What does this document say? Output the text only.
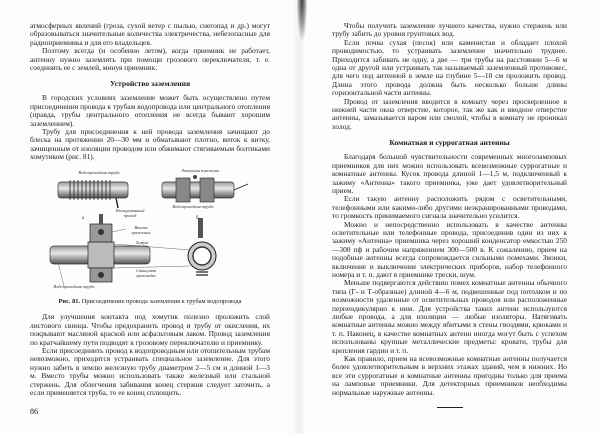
атмосферных явлений (гроза, сухой ветер с пылью, снегопад и др.) могут образовываться значительные количества электричества, небезопасные для радиоприемника и для его владельцев.

Поэтому всегда (и особенно летом), когда приемник не работает, антенну нужно заземлять при помощи грозового переключателя, т. е. соединять ее с землей, минуя приемник.

Устройство заземления

В городских условиях заземление может быть осуществлено путем присоединения провода к трубам водопровода или центрального отопления (правда, трубы центрального отопления не всегда бывают хорошим заземлением).

Трубу для присоединения к ней провода заземления зачищают до блеска на протяжении 20—30 мм и обматывают плотно, виток к витку, зачищенным от изоляции проводом или обжимают стягиваемым болтиками хомутиком (рис. 81).

Водопроводная труба
Изолированный провод
Латунная пластина
Водопроводная труба
а	б
Винты крепления
Хомут
Свинцовая прокладка
Водопроводная труба
Рис. 81. Присоединение провода заземления к трубам водопровода

Для улучшения контакта под хомутик полезно проложить слой листового свинца. Чтобы предохранить провод и трубу от окисления, их покрывают масляной краской или асфальтовым лаком. Провод заземления по кратчайшему пути подводят к грозовому переключателю и приемнику.

Если присоединить провод к водопроводным или отопительным трубам невозможно, приходится устраивать специальное заземление. Для этого нужно забить в землю железную трубу диаметром 2—5 см и длиной 1—3 м. Вместо трубы можно использовать также железный или стальной стержень. Для облегчения забивания конец стержня следует заточить, а если применяется труба, то ее конец сплющить.

86

Чтобы получить заземление лучшего качества, нужно стержень или трубу забить до уровня грунтовых вод.

Если почва сухая (песок) или каменистая и обладает плохой проводимостью, то устраивать заземление значительно труднее. Приходится забивать не одну, а две — три трубы на расстоянии 5—6 м одна от другой или устраивать так называемый заземленный противовес, для чего под антенной в земле на глубине 5—10 см проложить провод. Длина этого провода должна быть несколько больше длины горизонтальной части антенны.

Провод от заземления вводится в комнату через просверленное в нижней части окна отверстие, которое, так же как и вводное отверстие антенны, замазывается варом или смолой, чтобы в комнату не проникал холод.

Комнатная и суррогатная антенны

Благодаря большой чувствительности современных многоламповых приемников для них можно использовать всевозможные суррогатные и комнатные антенны. Кусок провода длиной 1—1,5 м, подключенный к зажиму «Антенна» такого приемника, уже дает удовлетворительный прием.

Если такую антенну расположить рядом с осветительными, телефонными или какими-либо другими неэкранированными проводами, то громкость принимаемого сигнала значительно усилится.

Можно и непосредственно использовать в качестве антенны осветительные или телефонные провода, присоединив один из них к зажиму «Антенна» приемника через хороший конденсатор емкостью 250—300 пф и рабочим напряжением 300—500 в. К сожалению, прием на подобные антенны всегда сопровождается сильными помехами. Звонки, включение и выключение электрических приборов, набор телефонного номера и т. п. дают в приемнике трески, шум.

Меньше подвергаются действию помех комнатные антенны обычного типа (Г- и Т-образные) длиной 4—6 м, подвешенные под потолком и по возможности удаленные от осветительных проводов или расположенные перпендикулярно к ним. Для устройства таких антенн используются любые провода, а для изоляции — любые изоляторы. Натягивать комнатные антенны можно между вбитыми в стены гвоздями, крюками и т. п. Наконец, в качестве комнатных антенн иногда могут быть с успехом использованы крупные металлические предметы: кровати, трубы для крепления гардин и т. п.

Как правило, прием на всевозможные комнатные антенны получается более удовлетворительным в верхних этажах зданий, чем в нижних. Но все эти суррогатные и комнатные антенны пригодны только для приема на ламповые приемники. Для детекторных приемников необходимы нормальные наружные антенны.
